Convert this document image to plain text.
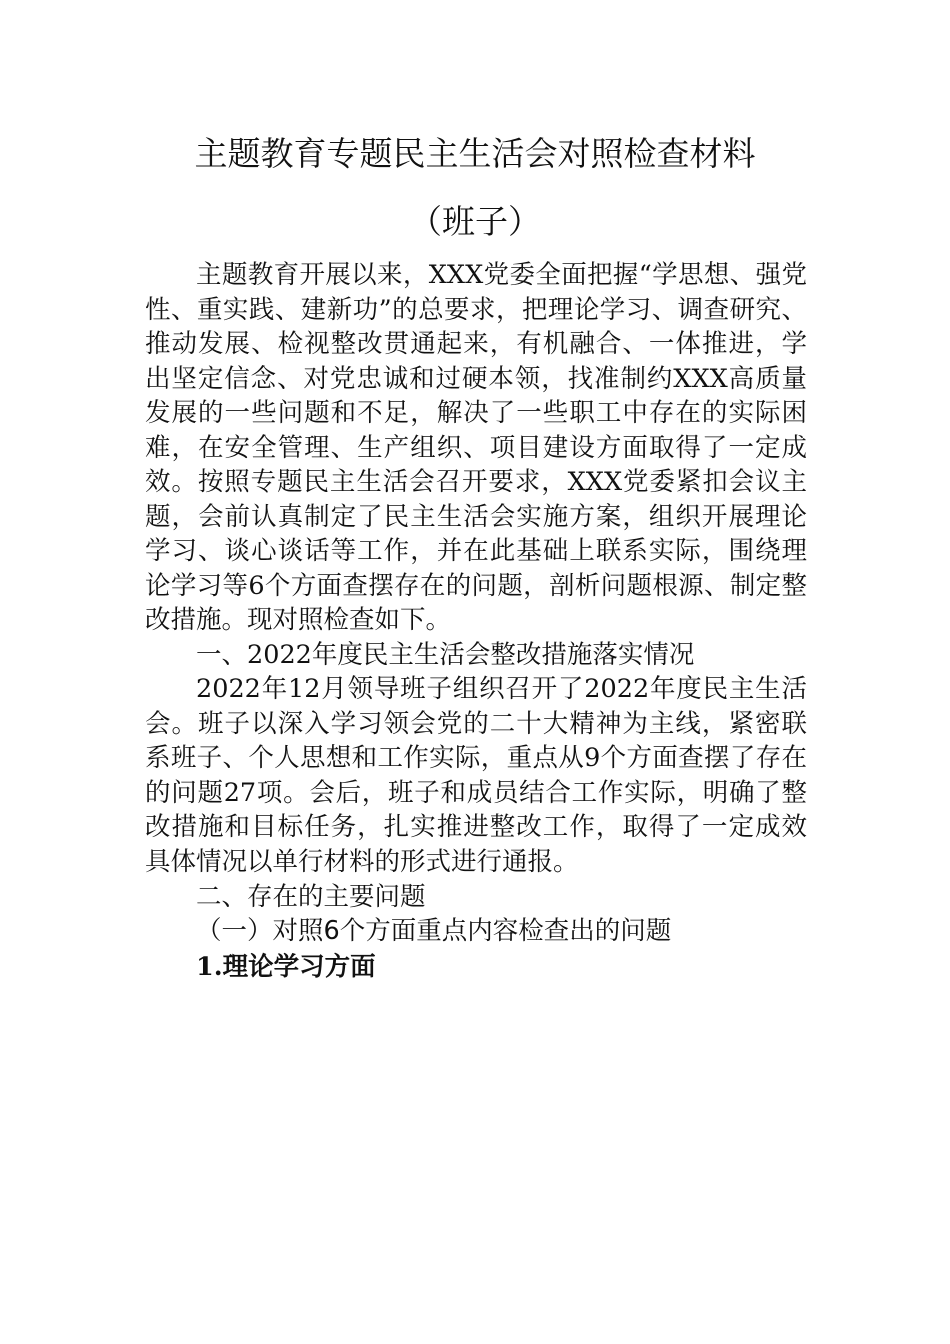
主题教育专题民主生活会对照检查材料
（班子）

主题教育开展以来，XXX党委全面把握“学思想、强党性、重实践、建新功”的总要求，把理论学习、调查研究、推动发展、检视整改贯通起来，有机融合、一体推进，学出坚定信念、对党忠诚和过硬本领，找准制约XXX高质量发展的一些问题和不足，解决了一些职工中存在的实际困难，在安全管理、生产组织、项目建设方面取得了一定成效。按照专题民主生活会召开要求，XXX党委紧扣会议主题，会前认真制定了民主生活会实施方案，组织开展理论学习、谈心谈话等工作，并在此基础上联系实际，围绕理论学习等6个方面查摆存在的问题，剖析问题根源、制定整改措施。现对照检查如下。

一、2022年度民主生活会整改措施落实情况

2022年12月领导班子组织召开了2022年度民主生活会。班子以深入学习领会党的二十大精神为主线，紧密联系班子、个人思想和工作实际，重点从9个方面查摆了存在的问题27项。会后，班子和成员结合工作实际，明确了整改措施和目标任务，扎实推进整改工作，取得了一定成效具体情况以单行材料的形式进行通报。

二、存在的主要问题
（一）对照6个方面重点内容检查出的问题
1.理论学习方面
